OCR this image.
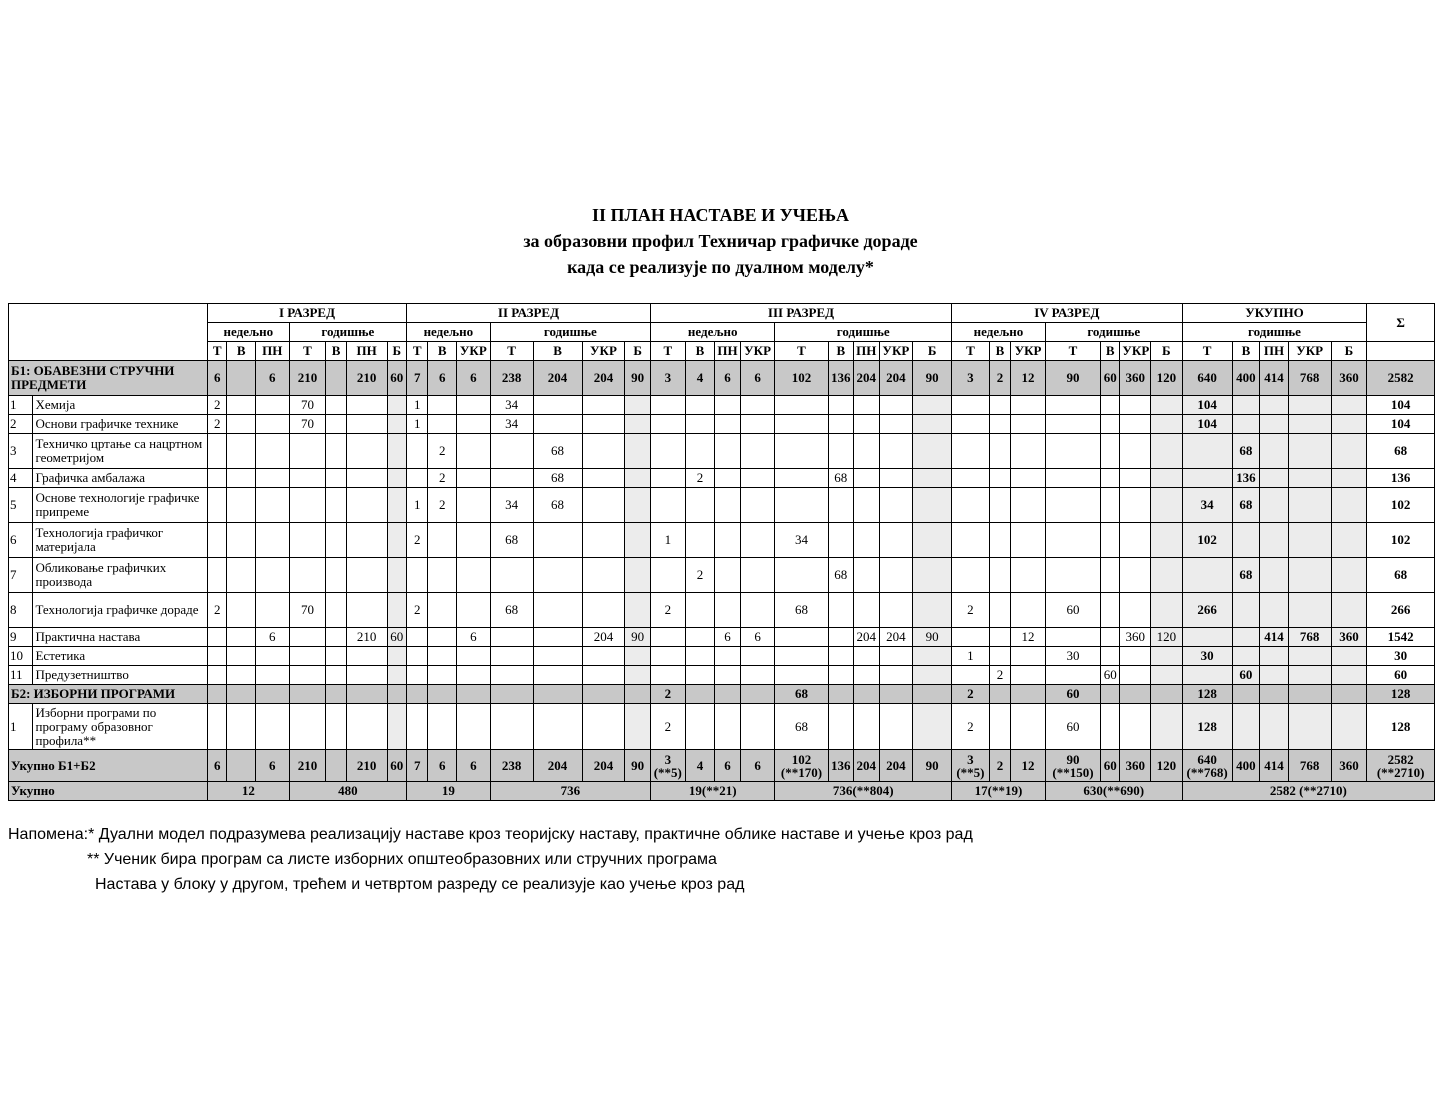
II ПЛАН НАСТАВЕ И УЧЕЊА
за образовни профил Техничар графичке дораде
када се реализује по дуалном моделу*
		I РАЗРЕД							II РАЗРЕД							III РАЗРЕД									IV РАЗРЕД							УКУПНО					Σ
		недељно			годишње				недељно			годишње				недељно				годишње					недељно			годишње				годишње					
		Т	В	ПН	Т	В	ПН	Б	Т	В	УКР	Т	В	УКР	Б	Т	В	ПН	УКР	Т	В	ПН	УКР	Б	Т	В	УКР	Т	В	УКР	Б	Т	В	ПН	УКР	Б	
Б1: ОБАВЕЗНИ СТРУЧНИ ПРЕДМЕТИ		6		6	210		210	60	7	6	6	238	204	204	90	3	4	6	6	102	136	204	204	90	3	2	12	90	60	360	120	640	400	414	768	360	2582
1	Хемија	2			70				1			34																				104					104
2	Основи графичке технике	2			70				1			34																				104					104
3	Техничко цртање са нацртном геометријом									2			68																				68				68
4	Графичка амбалажа									2			68				2				68												136				136
5	Основе технологије графичке припреме								1	2		34	68																			34	68				102
6	Технологија графичког материјала								2			68				1				34												102					102
7	Обликовање графичких производа																2				68												68				68
8	Технологија графичке дораде	2			70				2			68				2				68					2			60				266					266
9	Практична настава			6			210	60			6			204	90			6	6			204	204	90			12			360	120			414	768	360	1542
10	Естетика																								1			30				30					30
11	Предузетништво																									2			60				60				60
Б2: ИЗБОРНИ ПРОГРАМИ																2				68					2			60				128					128
1	Изборни програми по програму образовног профила**															2				68					2			60				128					128
Укупно Б1+Б2		6		6	210		210	60	7	6	6	238	204	204	90	3 (**5)	4	6	6	102 (**170)	136	204	204	90	3 (**5)	2	12	90 (**150)	60	360	120	640 (**768)	400	414	768	360	2582 (**2710)
Укупно		12			480				19			736				19(**21)				736(**804)					17(**19)			630(**690)				2582 (**2710)					
Напомена:* Дуални модел подразумева реализацију наставе кроз теоријску наставу, практичне облике наставе и учење кроз рад
** Ученик бира програм са листе изборних општеобразовних или стручних програма
Настава у блоку у другом, трећем и четвртом разреду се реализује као учење кроз рад
